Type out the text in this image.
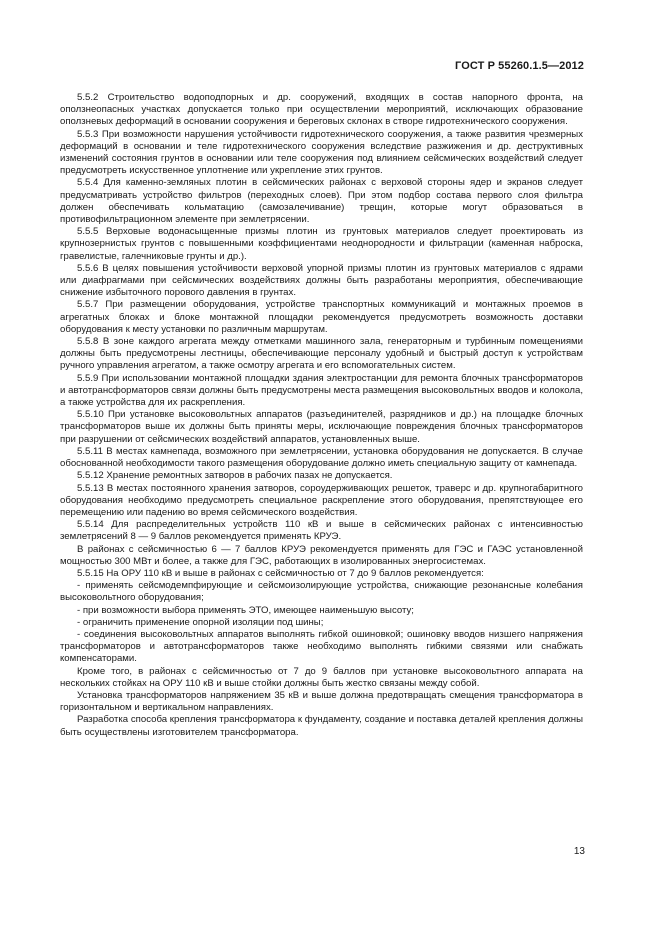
ГОСТ Р 55260.1.5—2012

5.5.2 Строительство водоподпорных и др. сооружений, входящих в состав напорного фронта, на оползнеопасных участках допускается только при осуществлении мероприятий, исключающих образование оползневых деформаций в основании сооружения и береговых склонах в створе гидротехнического сооружения.

5.5.3 При возможности нарушения устойчивости гидротехнического сооружения, а также развития чрезмерных деформаций в основании и теле гидротехнического сооружения вследствие разжижения и др. деструктивных изменений состояния грунтов в основании или теле сооружения под влиянием сейсмических воздействий следует предусмотреть искусственное уплотнение или укрепление этих грунтов.

5.5.4 Для каменно-земляных плотин в сейсмических районах с верховой стороны ядер и экранов следует предусматривать устройство фильтров (переходных слоев). При этом подбор состава первого слоя фильтра должен обеспечивать кольматацию (самозалечивание) трещин, которые могут образоваться в противофильтрационном элементе при землетрясении.

5.5.5 Верховые водонасыщенные призмы плотин из грунтовых материалов следует проектировать из крупнозернистых грунтов с повышенными коэффициентами неоднородности и фильтрации (каменная наброска, гравелистые, галечниковые грунты и др.).

5.5.6 В целях повышения устойчивости верховой упорной призмы плотин из грунтовых материалов с ядрами или диафрагмами при сейсмических воздействиях должны быть разработаны мероприятия, обеспечивающие снижение избыточного порового давления в грунтах.

5.5.7 При размещении оборудования, устройстве транспортных коммуникаций и монтажных проемов в агрегатных блоках и блоке монтажной площадки рекомендуется предусмотреть возможность доставки оборудования к месту установки по различным маршрутам.

5.5.8 В зоне каждого агрегата между отметками машинного зала, генераторным и турбинным помещениями должны быть предусмотрены лестницы, обеспечивающие персоналу удобный и быстрый доступ к устройствам ручного управления агрегатом, а также осмотру агрегата и его вспомогательных систем.

5.5.9 При использовании монтажной площадки здания электростанции для ремонта блочных трансформаторов и автотрансформаторов связи должны быть предусмотрены места размещения высоковольтных вводов и колокола, а также устройства для их раскрепления.

5.5.10 При установке высоковольтных аппаратов (разъединителей, разрядников и др.) на площадке блочных трансформаторов выше их должны быть приняты меры, исключающие повреждения блочных трансформаторов при разрушении от сейсмических воздействий аппаратов, установленных выше.

5.5.11 В местах камнепада, возможного при землетрясении, установка оборудования не допускается. В случае обоснованной необходимости такого размещения оборудование должно иметь специальную защиту от камнепада.

5.5.12 Хранение ремонтных затворов в рабочих пазах не допускается.

5.5.13 В местах постоянного хранения затворов, сороудерживающих решеток, траверс и др. крупногабаритного оборудования необходимо предусмотреть специальное раскрепление этого оборудования, препятствующее его перемещению или падению во время сейсмического воздействия.

5.5.14 Для распределительных устройств 110 кВ и выше в сейсмических районах с интенсивностью землетрясений 8 — 9 баллов рекомендуется применять КРУЭ.

В районах с сейсмичностью 6 — 7 баллов КРУЭ рекомендуется применять для ГЭС и ГАЭС установленной мощностью 300 МВт и более, а также для ГЭС, работающих в изолированных энергосистемах.

5.5.15 На ОРУ 110 кВ и выше в районах с сейсмичностью от 7 до 9 баллов рекомендуется:

- применять сейсмодемпфирующие и сейсмоизолирующие устройства, снижающие резонансные колебания высоковольтного оборудования;

- при возможности выбора применять ЭТО, имеющее наименьшую высоту;

- ограничить применение опорной изоляции под шины;

- соединения высоковольтных аппаратов выполнять гибкой ошиновкой; ошиновку вводов низшего напряжения трансформаторов и автотрансформаторов также необходимо выполнять гибкими связями или снабжать компенсаторами.

Кроме того, в районах с сейсмичностью от 7 до 9 баллов при установке высоковольтного аппарата на нескольких стойках на ОРУ 110 кВ и выше стойки должны быть жестко связаны между собой.

Установка трансформаторов напряжением 35 кВ и выше должна предотвращать смещения трансформатора в горизонтальном и вертикальном направлениях.

Разработка способа крепления трансформатора к фундаменту, создание и поставка деталей крепления должны быть осуществлены изготовителем трансформатора.

13
